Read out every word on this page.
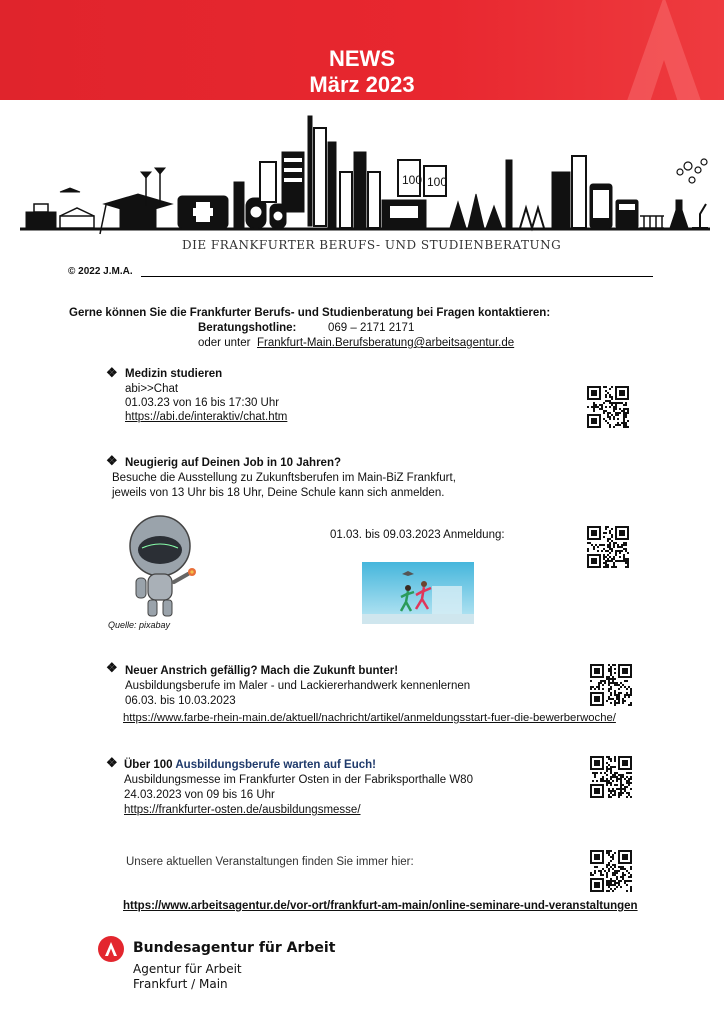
NEWS
März 2023
100 100
DIE FRANKFURTER BERUFS- UND STUDIENBERATUNG
© 2022 J.M.A.
Gerne können Sie die Frankfurter Berufs- und Studienberatung bei Fragen kontaktieren:
Beratungshotline:	069 – 2171 2171
oder unter Frankfurt-Main.Berufsberatung@arbeitsagentur.de
❖ Medizin studieren
abi>>Chat
01.03.23 von 16 bis 17:30 Uhr
https://abi.de/interaktiv/chat.htm
❖ Neugierig auf Deinen Job in 10 Jahren?
Besuche die Ausstellung zu Zukunftsberufen im Main-BiZ Frankfurt,
jeweils von 13 Uhr bis 18 Uhr, Deine Schule kann sich anmelden.
Quelle: pixabay
01.03. bis 09.03.2023 Anmeldung:
❖ Neuer Anstrich gefällig? Mach die Zukunft bunter!
Ausbildungsberufe im Maler - und Lackiererhandwerk kennenlernen
06.03. bis 10.03.2023
https://www.farbe-rhein-main.de/aktuell/nachricht/artikel/anmeldungsstart-fuer-die-bewerberwoche/
❖ Über 100 Ausbildungsberufe warten auf Euch!
Ausbildungsmesse im Frankfurter Osten in der Fabriksporthalle W80
24.03.2023 von 09 bis 16 Uhr
https://frankfurter-osten.de/ausbildungsmesse/
Unsere aktuellen Veranstaltungen finden Sie immer hier:
https://www.arbeitsagentur.de/vor-ort/frankfurt-am-main/online-seminare-und-veranstaltungen
Bundesagentur für Arbeit
Agentur für Arbeit
Frankfurt / Main
